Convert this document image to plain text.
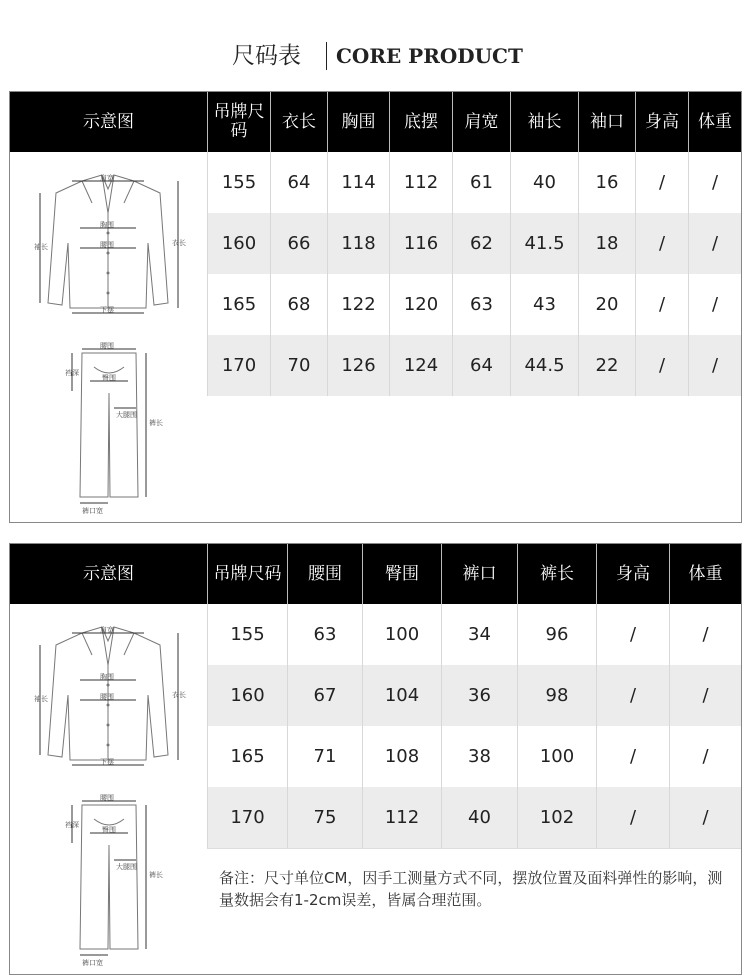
尺码表 CORE PRODUCT
示意图	吊牌尺码	衣长	胸围	底摆	肩宽	袖长	袖口	身高	体重
肩宽
胸围
腰围
下摆
袖长	衣长
腰围
裆深
臀围
大腿围
裤长
裤口宽
155	64	114	112	61	40	16	/	/
160	66	118	116	62	41.5	18	/	/
165	68	122	120	63	43	20	/	/
170	70	126	124	64	44.5	22	/	/
示意图	吊牌尺码	腰围	臀围	裤口	裤长	身高	体重
肩宽
胸围
腰围
下摆
袖长	衣长
腰围
裆深
臀围
大腿围
裤长
裤口宽
155	63	100	34	96	/	/
160	67	104	36	98	/	/
165	71	108	38	100	/	/
170	75	112	40	102	/	/
备注：尺寸单位CM，因手工测量方式不同，摆放位置及面料弹性的影响，测量数据会有1-2cm误差，皆属合理范围。
